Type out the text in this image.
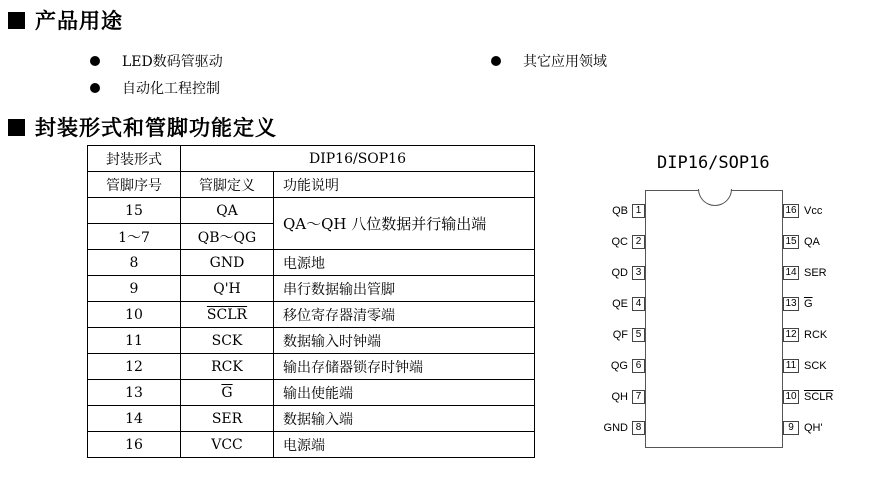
产品用途
LED数码管驱动
自动化工程控制
其它应用领域
封装形式和管脚功能定义
封装形式	DIP16/SOP16	
管脚序号	管脚定义	功能说明
15	QA	QA～QH 八位数据并行输出端
1～7	QB～QG	
8	GND	电源地
9	Q'H	串行数据输出管脚
10	SCLR	移位寄存器清零端
11	SCK	数据输入时钟端
12	RCK	输出存储器锁存时钟端
13	$\overline{G}$	输出使能端
14	SER	数据输入端
16	VCC	电源端
DIP16/SOP16
QB 1
QC 2
QD 3
QE 4
QF 5
QG 6
QH 7
GND 8
16 Vcc
15 QA
14 SER
13 $\overline{G}$
12 RCK
11 SCK
10 SCLR
9 QH'
